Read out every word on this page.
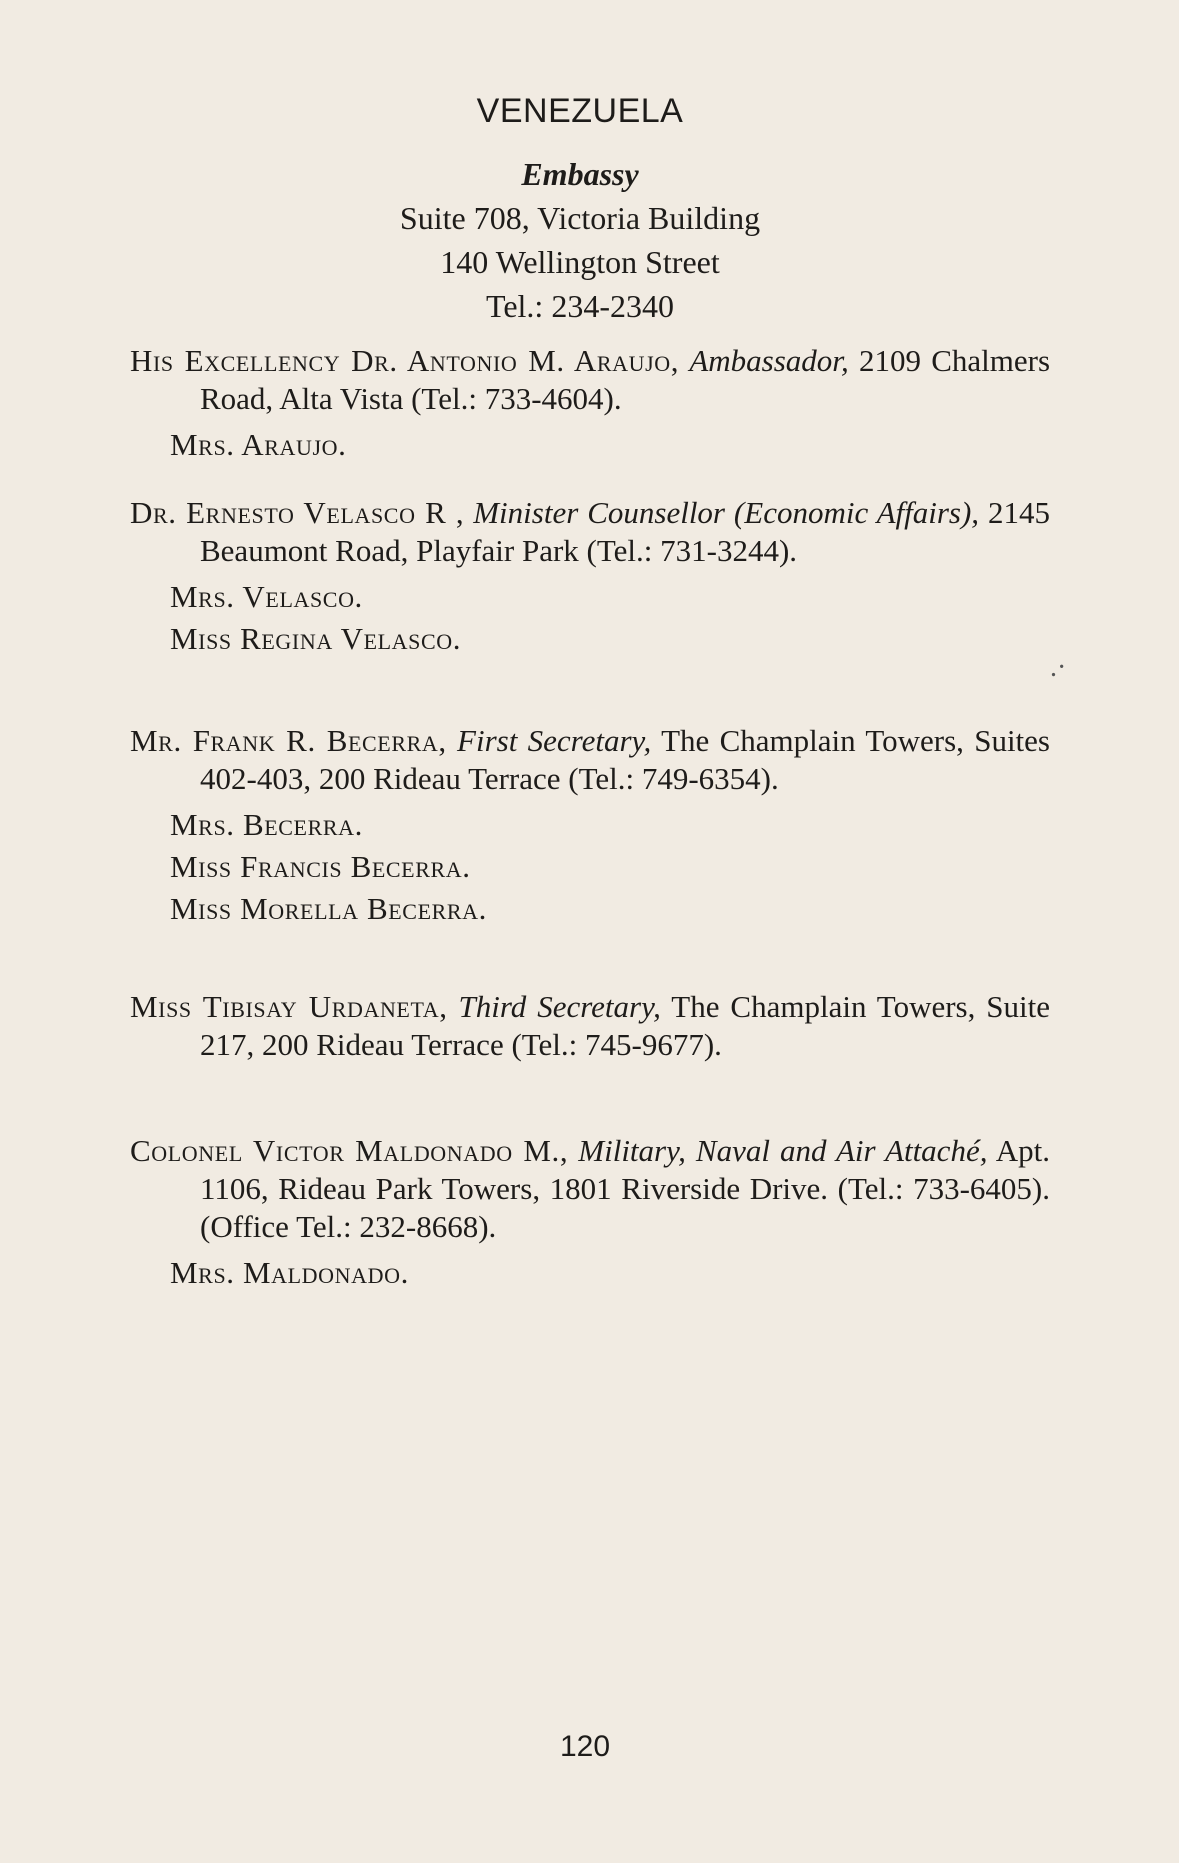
VENEZUELA
Embassy
Suite 708, Victoria Building
140 Wellington Street
Tel.: 234-2340
His Excellency Dr. Antonio M. Araujo, Ambassador, 2109 Chalmers Road, Alta Vista (Tel.: 733-4604).
Mrs. Araujo.
Dr. Ernesto Velasco R , Minister Counsellor (Economic Affairs), 2145 Beaumont Road, Playfair Park (Tel.: 731-3244).
Mrs. Velasco.
Miss Regina Velasco.
Mr. Frank R. Becerra, First Secretary, The Champlain Towers, Suites 402-403, 200 Rideau Terrace (Tel.: 749-6354).
Mrs. Becerra.
Miss Francis Becerra.
Miss Morella Becerra.
Miss Tibisay Urdaneta, Third Secretary, The Champlain Towers, Suite 217, 200 Rideau Terrace (Tel.: 745-9677).
Colonel Victor Maldonado M., Military, Naval and Air Attaché, Apt. 1106, Rideau Park Towers, 1801 Riverside Drive. (Tel.: 733-6405). (Office Tel.: 232-8668).
Mrs. Maldonado.
.·
120
